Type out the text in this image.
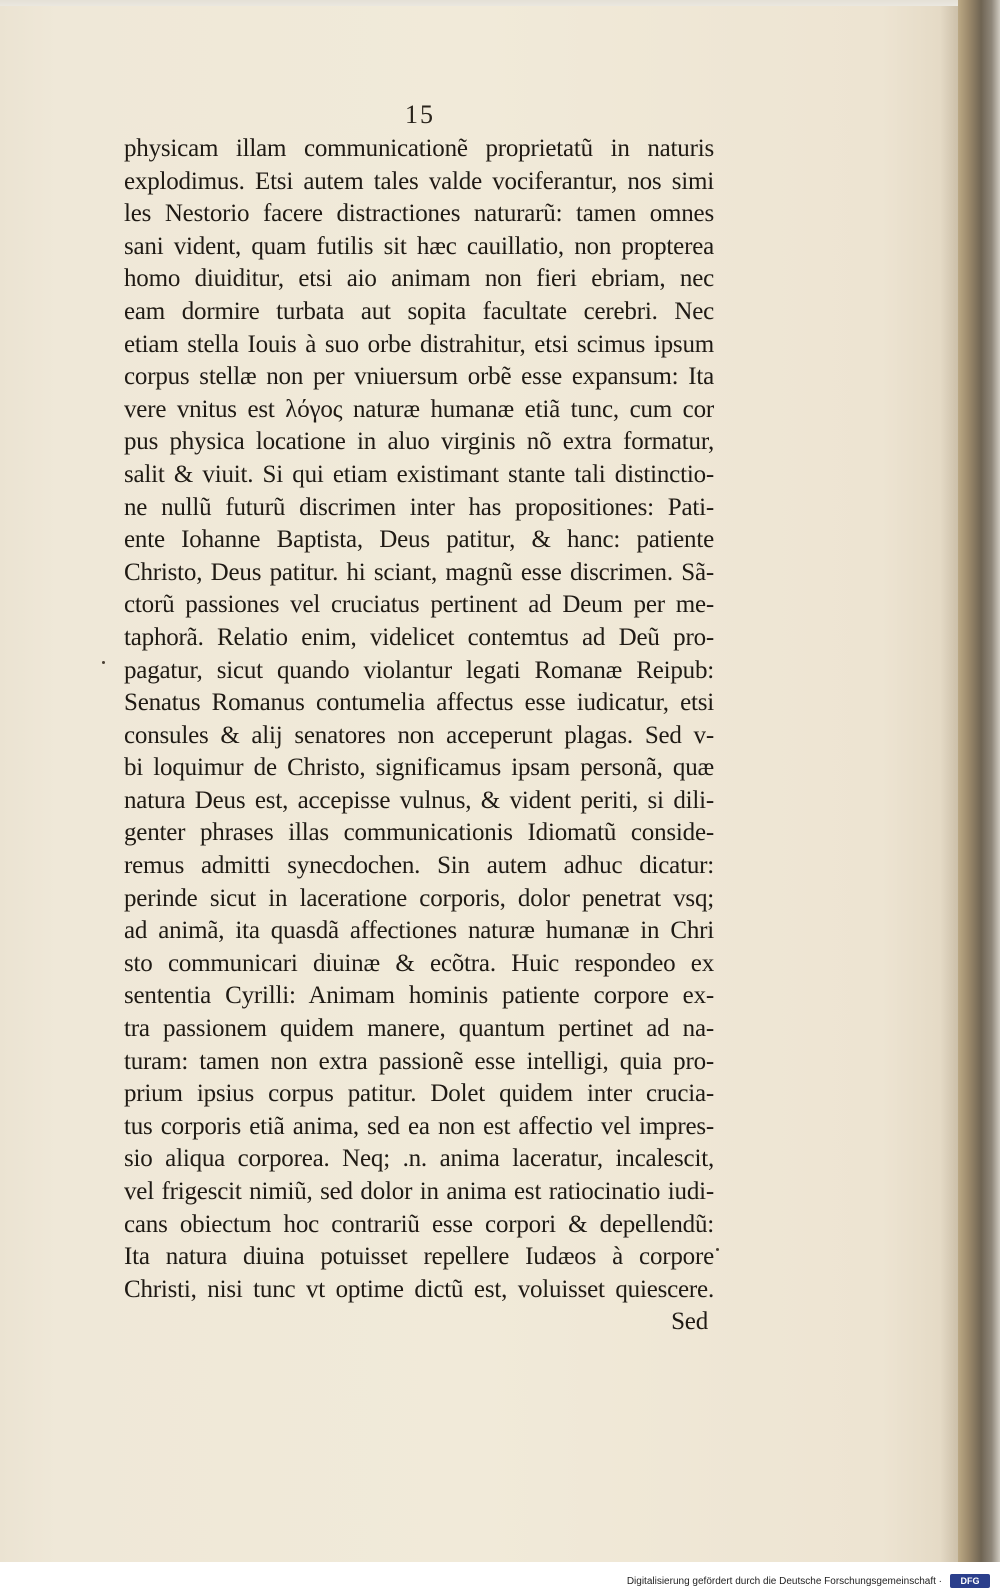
15
physicam illam communicationẽ proprietatũ in naturis
explodimus. Etsi autem tales valde vociferantur, nos simi
les Nestorio facere distractiones naturarũ: tamen omnes
sani vident, quam futilis sit hæc cauillatio, non propterea
homo diuiditur, etsi aio animam non fieri ebriam, nec
eam dormire turbata aut sopita facultate cerebri. Nec
etiam stella Iouis à suo orbe distrahitur, etsi scimus ipsum
corpus stellæ non per vniuersum orbẽ esse expansum: Ita
vere vnitus est λόγος naturæ humanæ etiã tunc, cum cor
pus physica locatione in aluo virginis nõ extra formatur,
salit & viuit. Si qui etiam existimant stante tali distinctio-
ne nullũ futurũ discrimen inter has propositiones: Pati-
ente Iohanne Baptista, Deus patitur, & hanc: patiente
Christo, Deus patitur. hi sciant, magnũ esse discrimen. Sã-
ctorũ passiones vel cruciatus pertinent ad Deum per me-
taphorã. Relatio enim, videlicet contemtus ad Deũ pro-
pagatur, sicut quando violantur legati Romanæ Reipub:
Senatus Romanus contumelia affectus esse iudicatur, etsi
consules & alij senatores non acceperunt plagas. Sed v-
bi loquimur de Christo, significamus ipsam personã, quæ
natura Deus est, accepisse vulnus, & vident periti, si dili-
genter phrases illas communicationis Idiomatũ conside-
remus admitti synecdochen. Sin autem adhuc dicatur:
perinde sicut in laceratione corporis, dolor penetrat vsq;
ad animã, ita quasdã affectiones naturæ humanæ in Chri
sto communicari diuinæ & ecõtra. Huic respondeo ex
sententia Cyrilli: Animam hominis patiente corpore ex-
tra passionem quidem manere, quantum pertinet ad na-
turam: tamen non extra passionẽ esse intelligi, quia pro-
prium ipsius corpus patitur. Dolet quidem inter crucia-
tus corporis etiã anima, sed ea non est affectio vel impres-
sio aliqua corporea. Neq; .n. anima laceratur, incalescit,
vel frigescit nimiũ, sed dolor in anima est ratiocinatio iudi-
cans obiectum hoc contrariũ esse corpori & depellendũ:
Ita natura diuina potuisset repellere Iudæos à corpore
Christi, nisi tunc vt optime dictũ est, voluisset quiescere.
Sed
Digitalisierung gefördert durch die Deutsche Forschungsgemeinschaft ·	DFG
